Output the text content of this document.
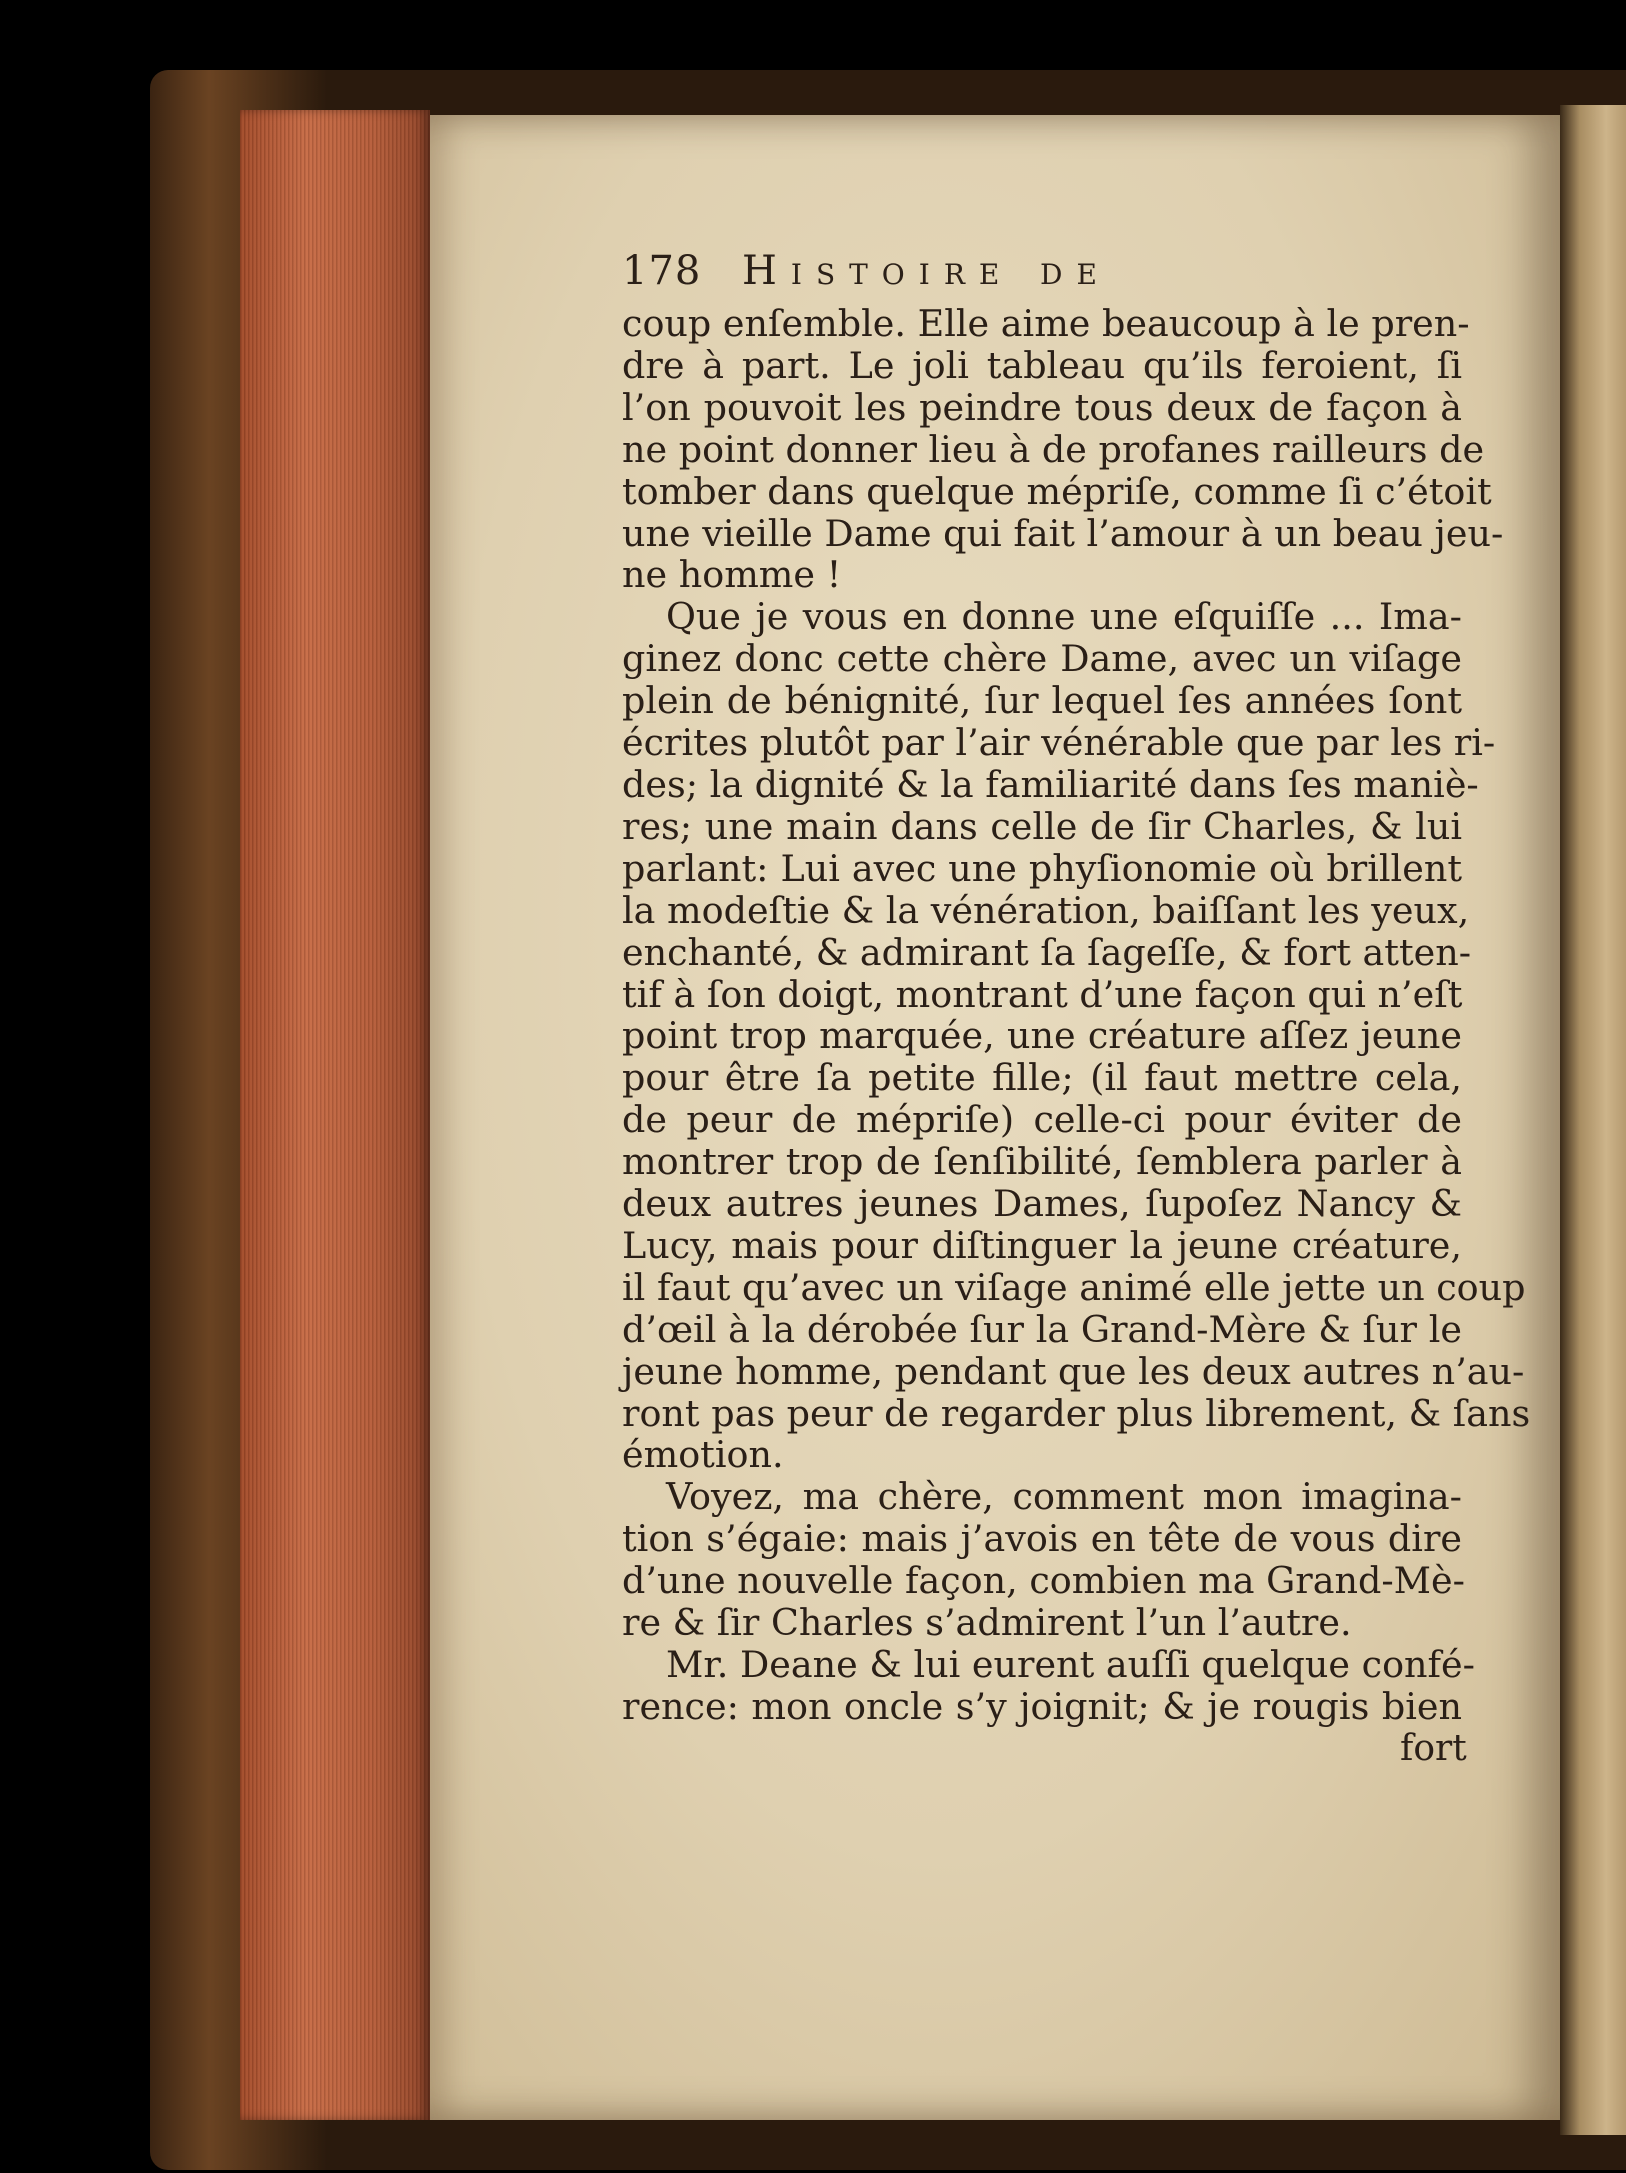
178 Histoire de
coup enſemble. Elle aime beaucoup à le pren-
dre à part. Le joli tableau qu’ils feroient, ſi
l’on pouvoit les peindre tous deux de façon à
ne point donner lieu à de profanes railleurs de
tomber dans quelque mépriſe, comme ſi c’étoit
une vieille Dame qui fait l’amour à un beau jeu-
ne homme !
Que je vous en donne une eſquiſſe ... Ima-
ginez donc cette chère Dame, avec un viſage
plein de bénignité, ſur lequel ſes années ſont
écrites plutôt par l’air vénérable que par les ri-
des; la dignité & la familiarité dans ſes maniè-
res; une main dans celle de ſir Charles, & lui
parlant: Lui avec une phyſionomie où brillent
la modeſtie & la vénération, baiſſant les yeux,
enchanté, & admirant ſa ſageſſe, & fort atten-
tif à ſon doigt, montrant d’une façon qui n’eſt
point trop marquée, une créature aſſez jeune
pour être ſa petite fille; (il faut mettre cela,
de peur de mépriſe) celle-ci pour éviter de
montrer trop de ſenſibilité, ſemblera parler à
deux autres jeunes Dames, ſupoſez Nancy &
Lucy, mais pour diſtinguer la jeune créature,
il faut qu’avec un viſage animé elle jette un coup
d’œil à la dérobée ſur la Grand-Mère & ſur le
jeune homme, pendant que les deux autres n’au-
ront pas peur de regarder plus librement, & ſans
émotion.
Voyez, ma chère, comment mon imagina-
tion s’égaie: mais j’avois en tête de vous dire
d’une nouvelle façon, combien ma Grand-Mè-
re & ſir Charles s’admirent l’un l’autre.
Mr. Deane & lui eurent auſſi quelque confé-
rence: mon oncle s’y joignit; & je rougis bien
fort
